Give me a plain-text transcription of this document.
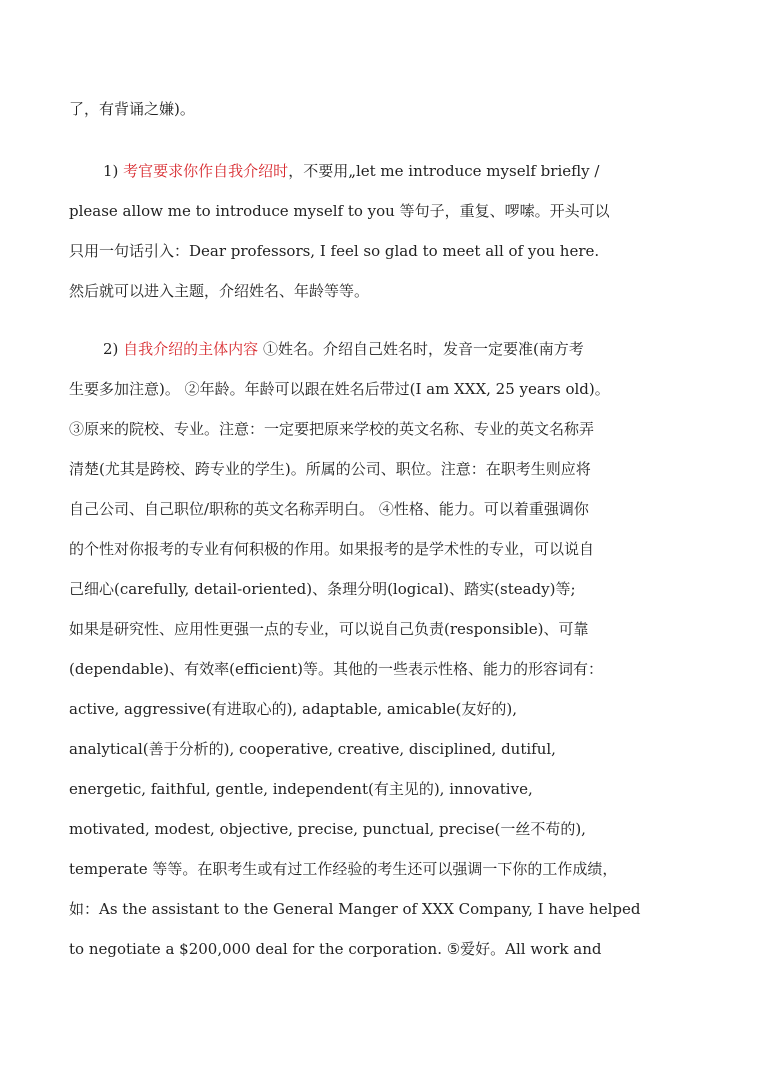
了，有背诵之嫌)。
1) 考官要求你作自我介绍时，不要用„let me introduce myself briefly /
please allow me to introduce myself to you 等句子，重复、啰嗦。开头可以
只用一句话引入：Dear professors, I feel so glad to meet all of you here.
然后就可以进入主题，介绍姓名、年龄等等。
2) 自我介绍的主体内容 ①姓名。介绍自己姓名时，发音一定要准(南方考
生要多加注意)。 ②年龄。年龄可以跟在姓名后带过(I am XXX, 25 years old)。
③原来的院校、专业。注意：一定要把原来学校的英文名称、专业的英文名称弄
清楚(尤其是跨校、跨专业的学生)。所属的公司、职位。注意：在职考生则应将
自己公司、自己职位/职称的英文名称弄明白。 ④性格、能力。可以着重强调你
的个性对你报考的专业有何积极的作用。如果报考的是学术性的专业，可以说自
己细心(carefully, detail-oriented)、条理分明(logical)、踏实(steady)等;
如果是研究性、应用性更强一点的专业，可以说自己负责(responsible)、可靠
(dependable)、有效率(efficient)等。其他的一些表示性格、能力的形容词有：
active, aggressive(有进取心的), adaptable, amicable(友好的),
analytical(善于分析的), cooperative, creative, disciplined, dutiful,
energetic, faithful, gentle, independent(有主见的), innovative,
motivated, modest, objective, precise, punctual, precise(一丝不苟的),
temperate 等等。在职考生或有过工作经验的考生还可以强调一下你的工作成绩，
如：As the assistant to the General Manger of XXX Company, I have helped
to negotiate a $200,000 deal for the corporation. ⑤爱好。All work and
